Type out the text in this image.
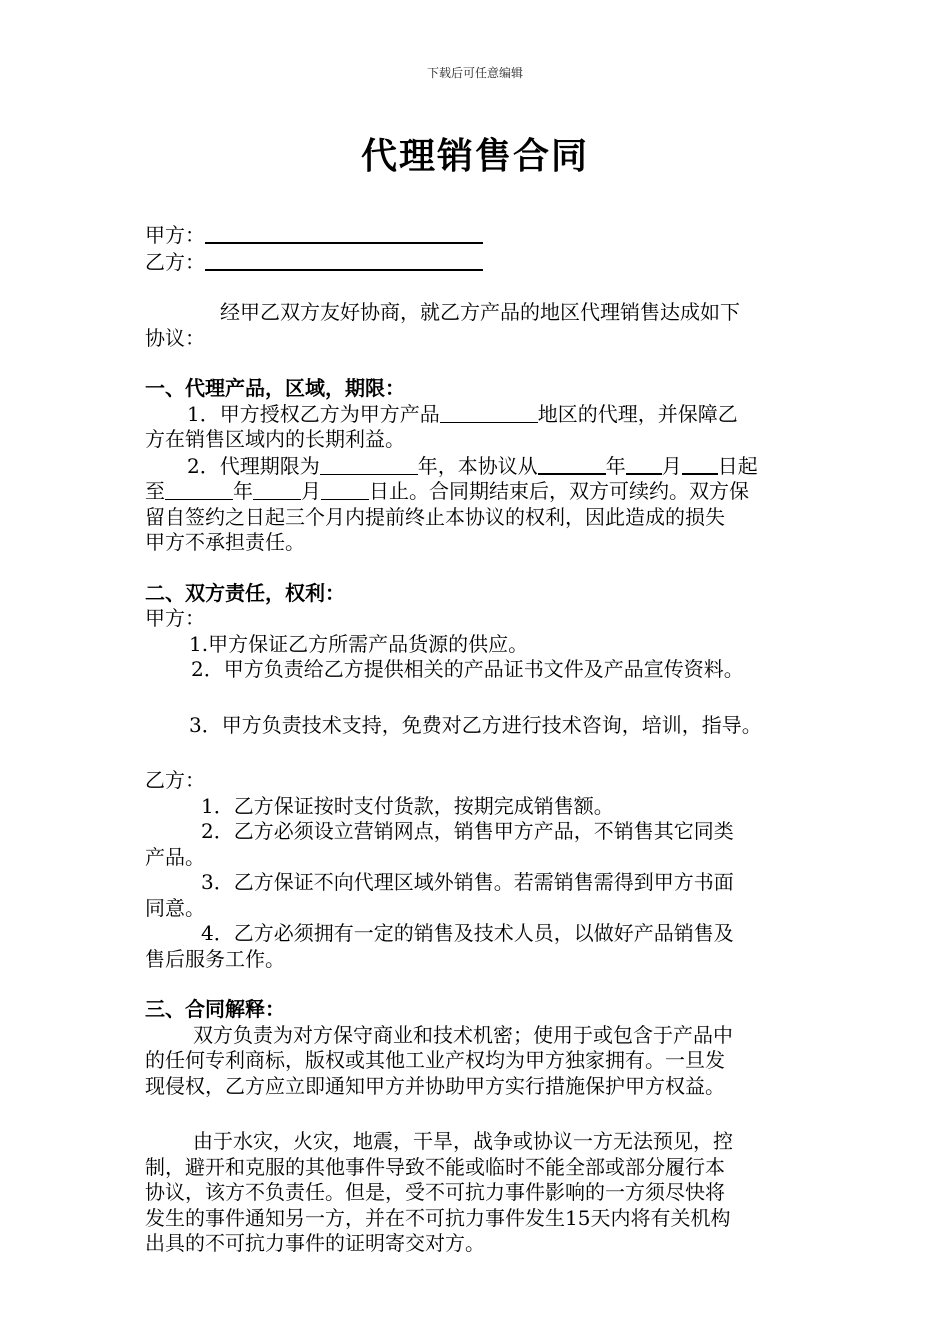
下载后可任意编辑
代理销售合同
甲方：
乙方：
经甲乙双方友好协商，就乙方产品的地区代理销售达成如下
协议：
一、代理产品，区域，期限：
1．甲方授权乙方为甲方产品	地区的代理，并保障乙
方在销售区域内的长期利益。
2．代理期限为	年，本协议从	年 月 日起
至	年 月 日止。合同期结束后，双方可续约。双方保
留自签约之日起三个月内提前终止本协议的权利，因此造成的损失
甲方不承担责任。
二、双方责任，权利：
甲方：
1.甲方保证乙方所需产品货源的供应。
2．甲方负责给乙方提供相关的产品证书文件及产品宣传资料。
3．甲方负责技术支持，免费对乙方进行技术咨询，培训，指导。
乙方：
1．乙方保证按时支付货款，按期完成销售额。
2．乙方必须设立营销网点，销售甲方产品，不销售其它同类
产品。
3．乙方保证不向代理区域外销售。若需销售需得到甲方书面
同意。
4．乙方必须拥有一定的销售及技术人员，以做好产品销售及
售后服务工作。
三、合同解释：
双方负责为对方保守商业和技术机密；使用于或包含于产品中
的任何专利商标，版权或其他工业产权均为甲方独家拥有。一旦发
现侵权，乙方应立即通知甲方并协助甲方实行措施保护甲方权益。
由于水灾，火灾，地震，干旱，战争或协议一方无法预见，控
制，避开和克服的其他事件导致不能或临时不能全部或部分履行本
协议，该方不负责任。但是，受不可抗力事件影响的一方须尽快将
发生的事件通知另一方，并在不可抗力事件发生15天内将有关机构
出具的不可抗力事件的证明寄交对方。
